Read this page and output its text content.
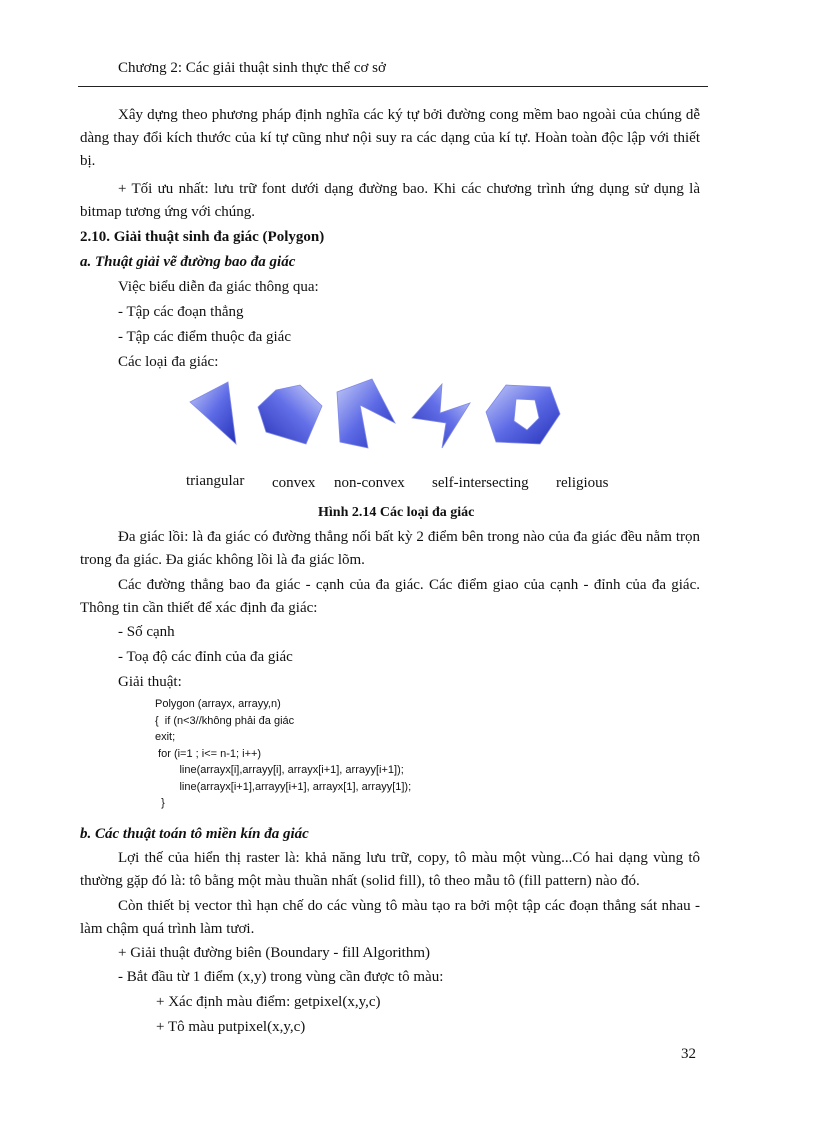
Chương 2: Các giải thuật sinh thực thể cơ sở
Xây dựng theo phương pháp định nghĩa các ký tự bởi đường cong mềm bao ngoài của chúng dễ dàng thay đổi kích thước của kí tự cũng như nội suy ra các dạng của kí tự. Hoàn toàn độc lập với thiết bị.
+ Tối ưu nhất: lưu trữ font dưới dạng đường bao. Khi các chương trình ứng dụng sử dụng là bitmap tương ứng với chúng.
2.10. Giải thuật sinh đa giác (Polygon)
a. Thuật giải vẽ đường bao đa giác
Việc biểu diễn đa giác thông qua:
- Tập các đoạn thẳng
- Tập các điểm thuộc đa giác
Các loại đa giác:
triangular convex non-convex self-intersecting religious
Hình 2.14 Các loại đa giác
Đa giác lồi: là đa giác có đường thẳng nối bất kỳ 2 điểm bên trong nào của đa giác đều nằm trọn trong đa giác. Đa giác không lồi là đa giác lõm.
Các đường thẳng bao đa giác - cạnh của đa giác. Các điểm giao của cạnh - đỉnh của đa giác. Thông tin cần thiết để xác định đa giác:
- Số cạnh
- Toạ độ các đỉnh của đa giác
Giải thuật:
Polygon (arrayx, arrayy,n)
{  if (n<3//không phải đa giác
exit;
for (i=1 ; i<= n-1; i++)
line(arrayx[i],arrayy[i], arrayx[i+1], arrayy[i+1]);
line(arrayx[i+1],arrayy[i+1], arrayx[1], arrayy[1]);
}
b. Các thuật toán tô miền kín đa giác
Lợi thế của hiển thị raster là: khả năng lưu trữ, copy, tô màu một vùng...Có hai dạng vùng tô thường gặp đó là: tô bằng một màu thuần nhất (solid fill), tô theo mẫu tô (fill pattern) nào đó.
Còn thiết bị vector thì hạn chế do các vùng tô màu tạo ra bởi một tập các đoạn thẳng sát nhau - làm chậm quá trình làm tươi.
+ Giải thuật đường biên (Boundary - fill Algorithm)
- Bắt đầu từ 1 điểm (x,y) trong vùng cần được tô màu:
+ Xác định màu điểm: getpixel(x,y,c)
+ Tô màu putpixel(x,y,c)
32
